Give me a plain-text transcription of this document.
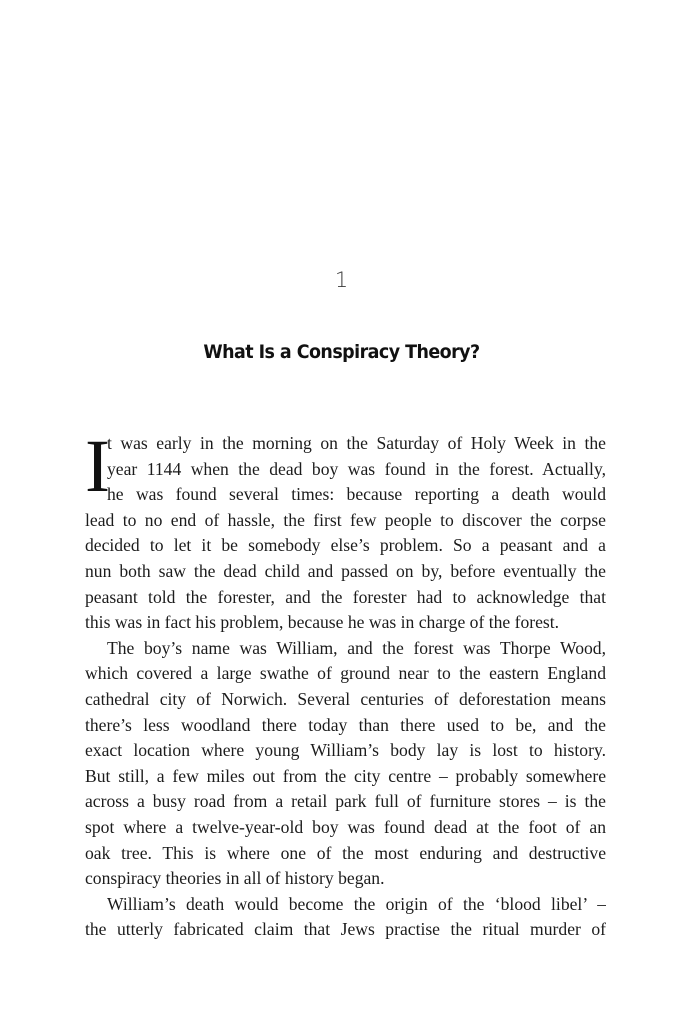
1
What Is a Conspiracy Theory?
I
t was early in the morning on the Saturday of Holy Week in the
year 1144 when the dead boy was found in the forest. Actually,
he was found several times: because reporting a death would
lead to no end of hassle, the first few people to discover the corpse
decided to let it be somebody else’s problem. So a peasant and a
nun both saw the dead child and passed on by, before eventually the
peasant told the forester, and the forester had to acknowledge that
this was in fact his problem, because he was in charge of the forest.
The boy’s name was William, and the forest was Thorpe Wood,
which covered a large swathe of ground near to the eastern England
cathedral city of Norwich. Several centuries of deforestation means
there’s less woodland there today than there used to be, and the
exact location where young William’s body lay is lost to history.
But still, a few miles out from the city centre – probably somewhere
across a busy road from a retail park full of furniture stores – is the
spot where a twelve-year-old boy was found dead at the foot of an
oak tree. This is where one of the most enduring and destructive
conspiracy theories in all of history began.
William’s death would become the origin of the ‘blood libel’ –
the utterly fabricated claim that Jews practise the ritual murder of
